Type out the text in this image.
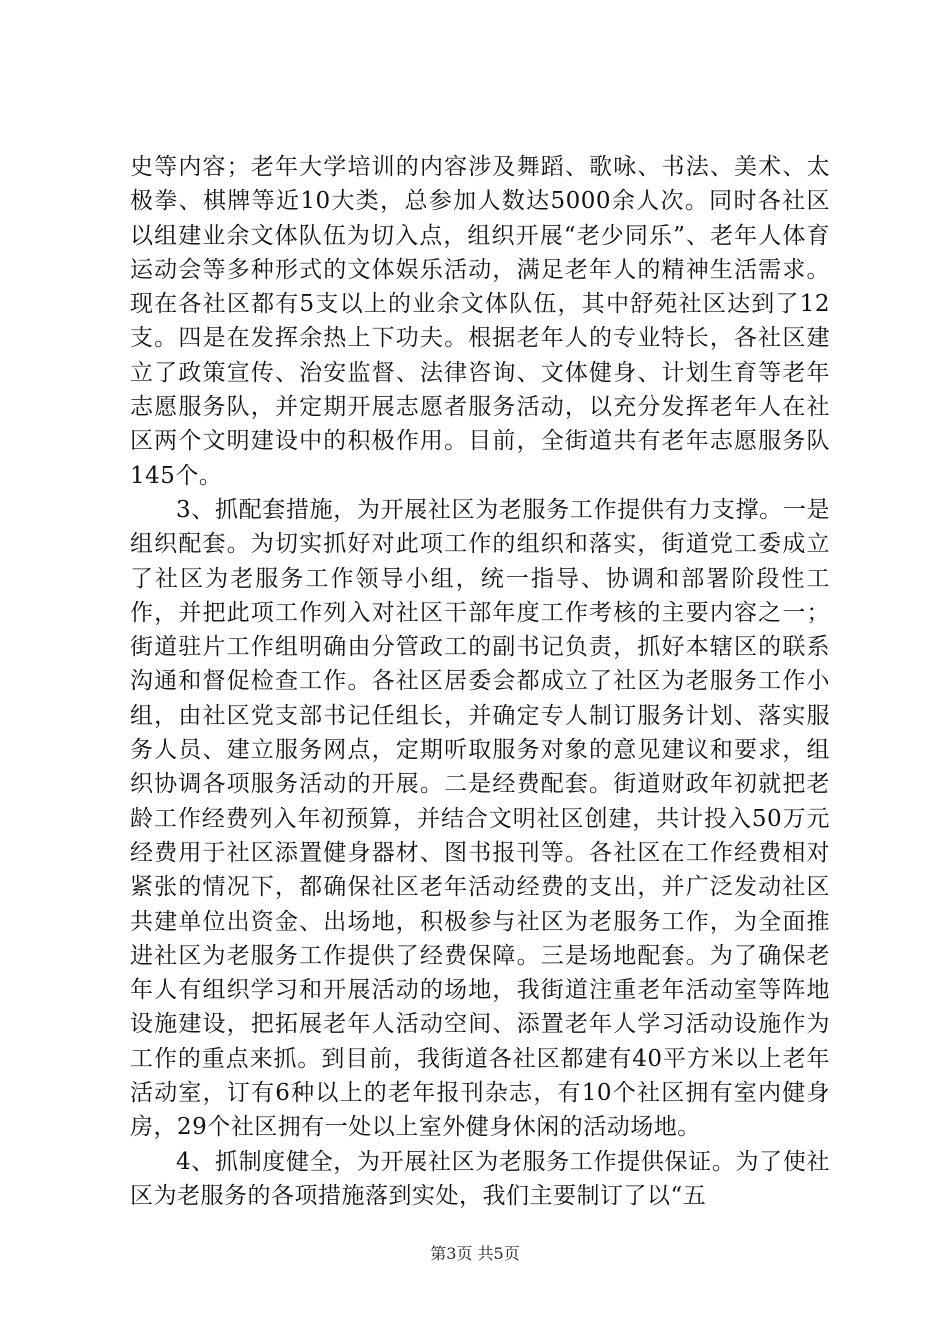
史等内容；老年大学培训的内容涉及舞蹈、歌咏、书法、美术、太极拳、棋牌等近10大类，总参加人数达5000余人次。同时各社区以组建业余文体队伍为切入点，组织开展“老少同乐”、老年人体育运动会等多种形式的文体娱乐活动，满足老年人的精神生活需求。现在各社区都有5支以上的业余文体队伍，其中舒苑社区达到了12支。四是在发挥余热上下功夫。根据老年人的专业特长，各社区建立了政策宣传、治安监督、法律咨询、文体健身、计划生育等老年志愿服务队，并定期开展志愿者服务活动，以充分发挥老年人在社区两个文明建设中的积极作用。目前，全街道共有老年志愿服务队145个。

3、抓配套措施，为开展社区为老服务工作提供有力支撑。一是组织配套。为切实抓好对此项工作的组织和落实，街道党工委成立了社区为老服务工作领导小组，统一指导、协调和部署阶段性工作，并把此项工作列入对社区干部年度工作考核的主要内容之一；街道驻片工作组明确由分管政工的副书记负责，抓好本辖区的联系沟通和督促检查工作。各社区居委会都成立了社区为老服务工作小组，由社区党支部书记任组长，并确定专人制订服务计划、落实服务人员、建立服务网点，定期听取服务对象的意见建议和要求，组织协调各项服务活动的开展。二是经费配套。街道财政年初就把老龄工作经费列入年初预算，并结合文明社区创建，共计投入50万元经费用于社区添置健身器材、图书报刊等。各社区在工作经费相对紧张的情况下，都确保社区老年活动经费的支出，并广泛发动社区共建单位出资金、出场地，积极参与社区为老服务工作，为全面推进社区为老服务工作提供了经费保障。三是场地配套。为了确保老年人有组织学习和开展活动的场地，我街道注重老年活动室等阵地设施建设，把拓展老年人活动空间、添置老年人学习活动设施作为工作的重点来抓。到目前，我街道各社区都建有40平方米以上老年活动室，订有6种以上的老年报刊杂志，有10个社区拥有室内健身房，29个社区拥有一处以上室外健身休闲的活动场地。

4、抓制度健全，为开展社区为老服务工作提供保证。为了使社区为老服务的各项措施落到实处，我们主要制订了以“五

第3页 共5页
